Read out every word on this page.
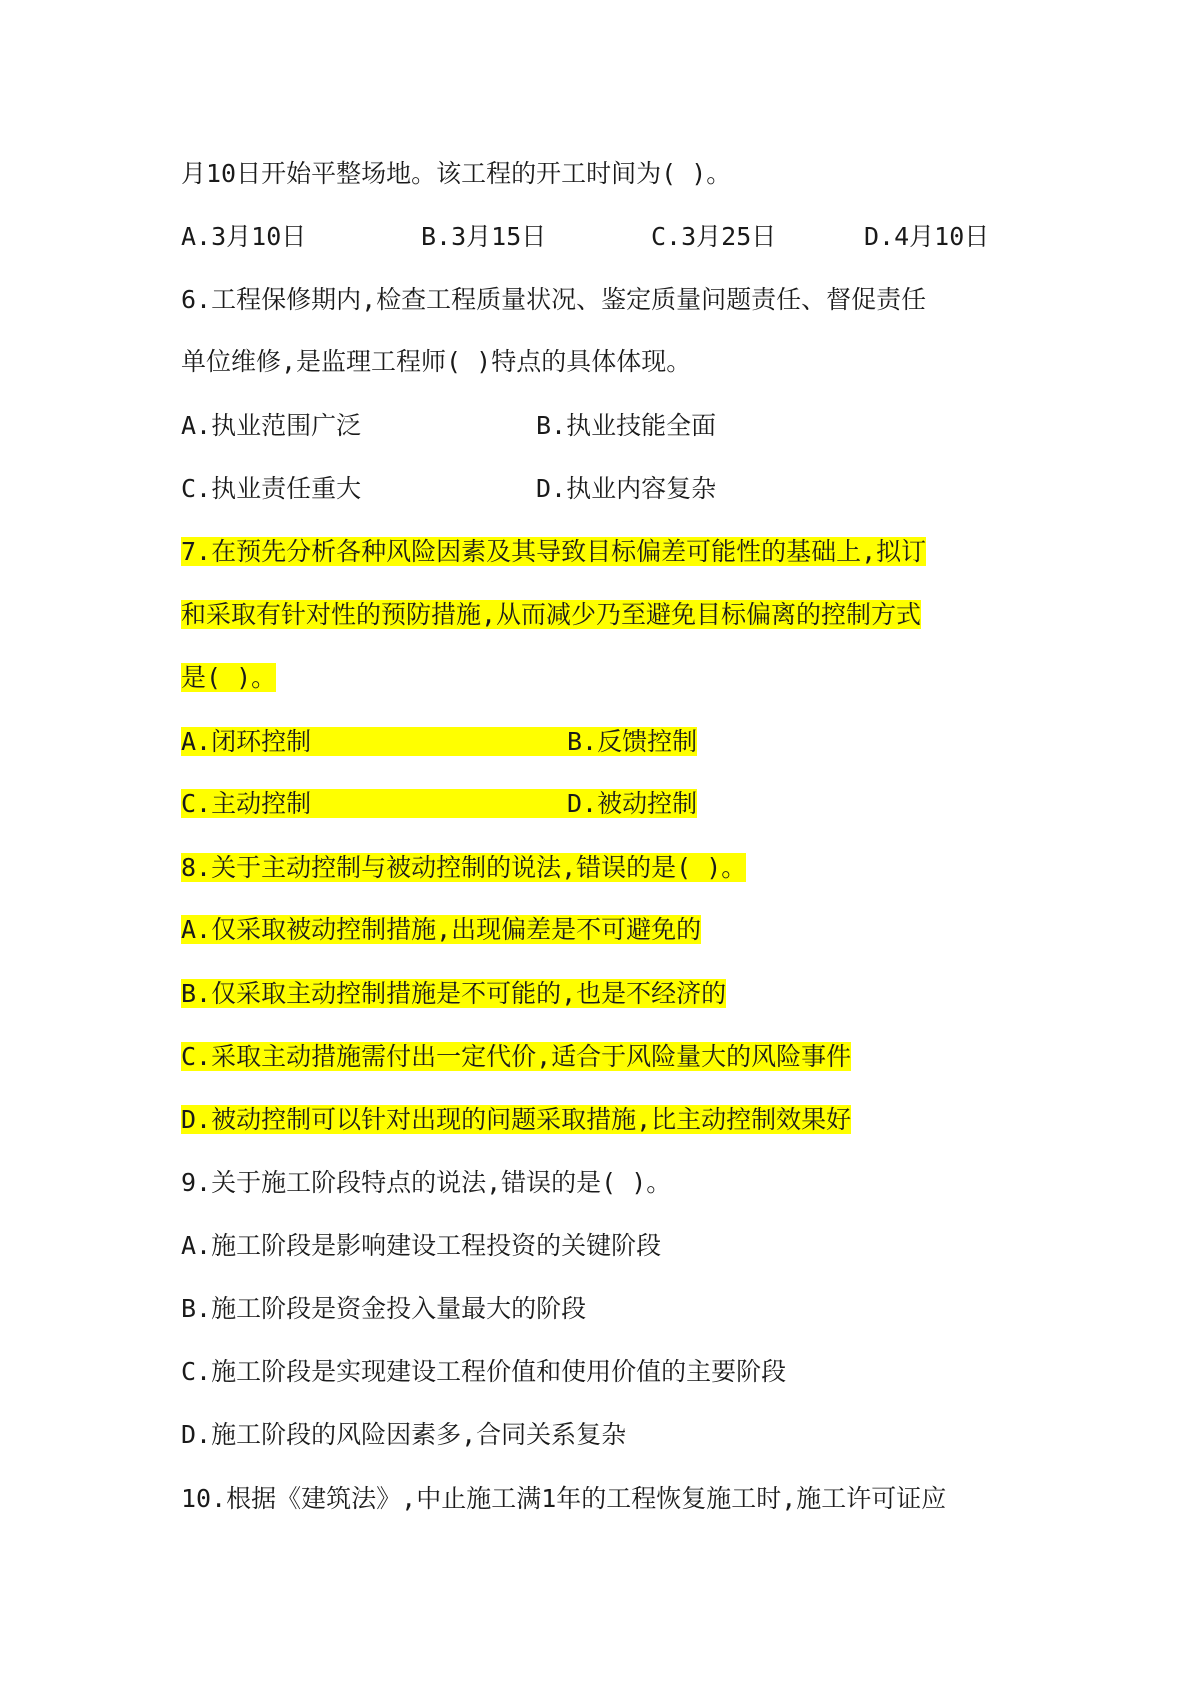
月10日开始平整场地。该工程的开工时间为( )。
A.3月10日	B.3月15日	C.3月25日	D.4月10日
6.工程保修期内,检查工程质量状况、鉴定质量问题责任、督促责任
单位维修,是监理工程师( )特点的具体体现。
A.执业范围广泛	B.执业技能全面
C.执业责任重大	D.执业内容复杂
7.在预先分析各种风险因素及其导致目标偏差可能性的基础上,拟订
和采取有针对性的预防措施,从而减少乃至避免目标偏离的控制方式
是( )。
A.闭环控制                 B.反馈控制
C.主动控制                 D.被动控制
8.关于主动控制与被动控制的说法,错误的是( )。
A.仅采取被动控制措施,出现偏差是不可避免的
B.仅采取主动控制措施是不可能的,也是不经济的
C.采取主动措施需付出一定代价,适合于风险量大的风险事件
D.被动控制可以针对出现的问题采取措施,比主动控制效果好
9.关于施工阶段特点的说法,错误的是( )。
A.施工阶段是影响建设工程投资的关键阶段
B.施工阶段是资金投入量最大的阶段
C.施工阶段是实现建设工程价值和使用价值的主要阶段
D.施工阶段的风险因素多,合同关系复杂
10.根据《建筑法》,中止施工满1年的工程恢复施工时,施工许可证应
